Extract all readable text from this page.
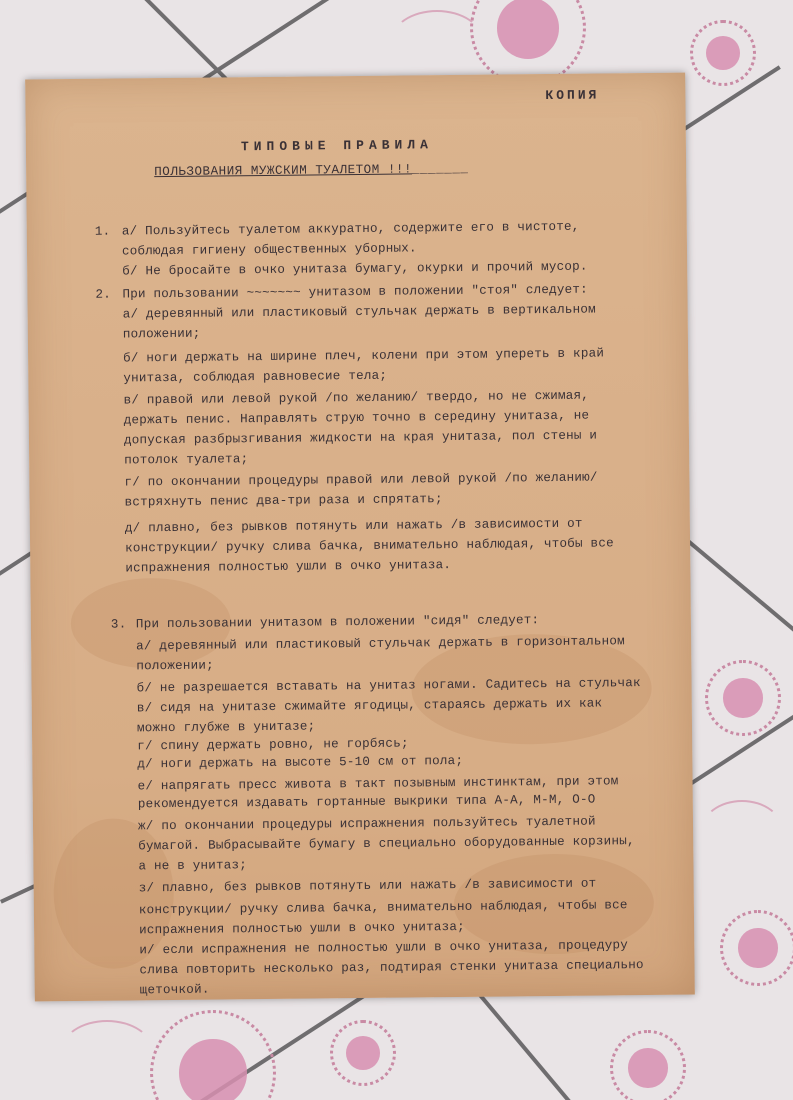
КОПИЯ
ТИПОВЫЕ ПРАВИЛА
ПОЛЬЗОВАНИЯ МУЖСКИМ ТУАЛЕТОМ !!!_______
1. а/ Пользуйтесь туалетом аккуратно, содержите его в чистоте,
соблюдая гигиену общественных уборных.
б/ Не бросайте в очко унитаза бумагу, окурки и прочий мусор.
2. При пользовании ~~~~~~~ унитазом в положении "стоя" следует:
а/ деревянный или пластиковый стульчак держать в вертикальном
положении;
б/ ноги держать на ширине плеч, колени при этом упереть в край
унитаза, соблюдая равновесие тела;
в/ правой или левой рукой /по желанию/ твердо, но не сжимая,
держать пенис. Направлять струю точно в середину унитаза, не
допуская разбрызгивания жидкости на края унитаза, пол стены и
потолок туалета;
г/ по окончании процедуры правой или левой рукой /по желанию/
встряхнуть пенис два-три раза и спрятать;
д/ плавно, без рывков потянуть или нажать /в зависимости от
конструкции/ ручку слива бачка, внимательно наблюдая, чтобы все
испражнения полностью ушли в очко унитаза.
3. При пользовании унитазом в положении "сидя" следует:
а/ деревянный или пластиковый стульчак держать в горизонтальном
положении;
б/ не разрешается вставать на унитаз ногами. Садитесь на стульчак
в/ сидя на унитазе сжимайте ягодицы, стараясь держать их как
можно глубже в унитазе;
г/ спину держать ровно, не горбясь;
д/ ноги держать на высоте 5-10 см от пола;
е/ напрягать пресс живота в такт позывным инстинктам, при этом
рекомендуется издавать гортанные выкрики типа А-А, М-М, О-О
ж/ по окончании процедуры испражнения пользуйтесь туалетной
бумагой. Выбрасывайте бумагу в специально оборудованные корзины,
а не в унитаз;
з/ плавно, без рывков потянуть или нажать /в зависимости от
конструкции/ ручку слива бачка, внимательно наблюдая, чтобы все
испражнения полностью ушли в очко унитаза;
и/ если испражнения не полностью ушли в очко унитаза, процедуру
слива повторить несколько раз, подтирая стенки унитаза специально
щеточкой.
